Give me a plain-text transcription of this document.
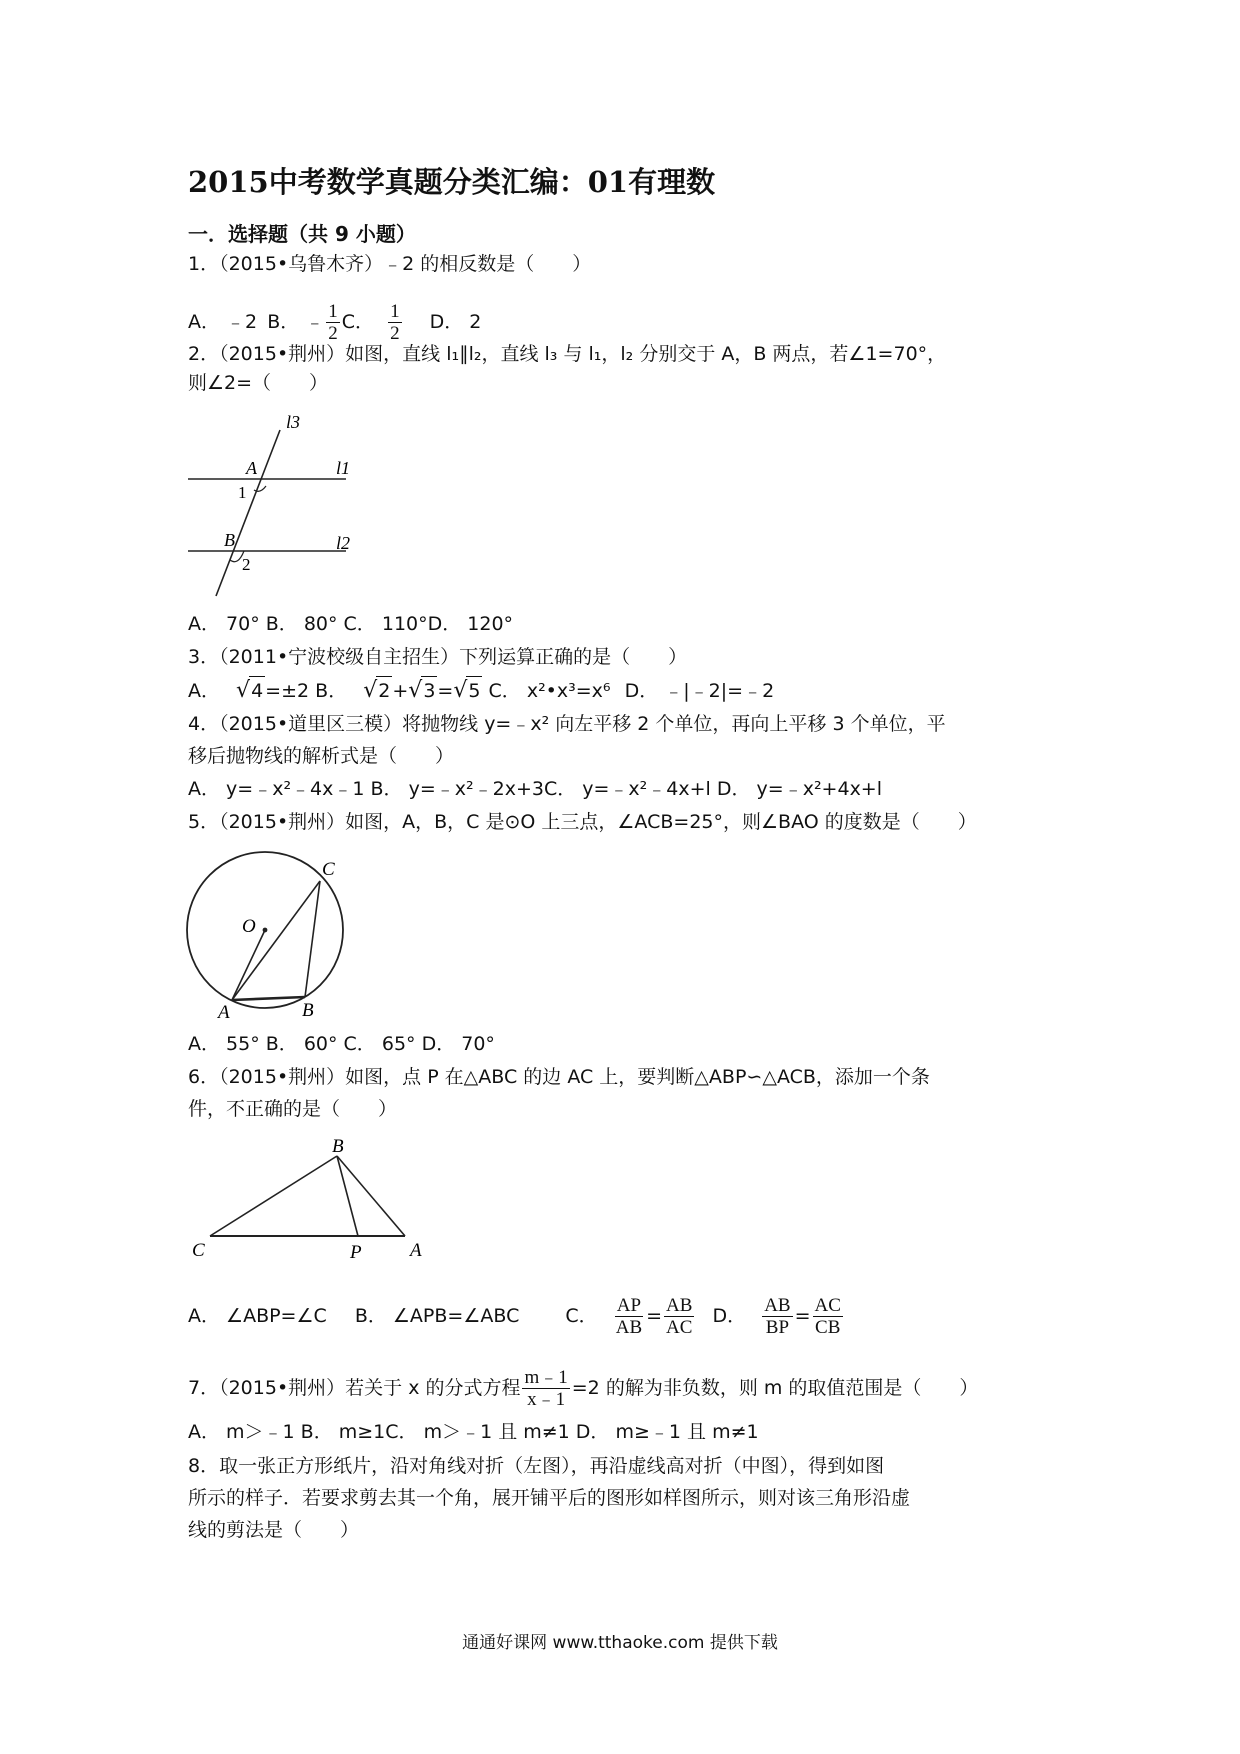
2015中考数学真题分类汇编：01有理数
一．选择题（共 9 小题）
1．（2015•乌鲁木齐）﹣2 的相反数是（　　）
A． ﹣2 B． ﹣ $\frac{1}{2}$ C． $\frac{1}{2}$ D． 2
2．（2015•荆州）如图，直线 l₁∥l₂，直线 l₃ 与 l₁，l₂ 分别交于 A，B 两点，若∠1=70°，
则∠2=（　　）
l3
l1
l2
A
1
B
2
A． 70° B． 80° C． 110°D． 120°
3．（2011•宁波校级自主招生）下列运算正确的是（　　）
A． √4 =±2 B． √2 +√3 =√5 C． x²•x³=x⁶ D． ﹣|﹣2|=﹣2
4．（2015•道里区三模）将抛物线 y=﹣x² 向左平移 2 个单位，再向上平移 3 个单位，平
移后抛物线的解析式是（　　）
A． y=﹣x²﹣4x﹣1 B． y=﹣x²﹣2x+3C． y=﹣x²﹣4x+l D． y=﹣x²+4x+l
5．（2015•荆州）如图，A，B，C 是⊙O 上三点，∠ACB=25°，则∠BAO 的度数是（　　）
O
A	B
C
A． 55° B． 60° C． 65° D． 70°
6．（2015•荆州）如图，点 P 在△ABC 的边 AC 上，要判断△ABP∽△ACB，添加一个条
件，不正确的是（　　）
B
C	P	A
A． ∠ABP=∠C B． ∠APB=∠ABC C． $\frac{AP}{AB} = \frac{AB}{AC}$ D． $\frac{AB}{BP} = \frac{AC}{CB}$
7．（2015•荆州）若关于 x 的分式方程 $\frac{m﹣1}{x﹣1} =2$ 的解为非负数，则 m 的取值范围是（　　）
A． m＞﹣1 B． m≥1C． m＞﹣1 且 m≠1 D． m≥﹣1 且 m≠1
8．取一张正方形纸片，沿对角线对折（左图），再沿虚线高对折（中图），得到如图
所示的样子．若要求剪去其一个角，展开铺平后的图形如样图所示，则对该三角形沿虚
线的剪法是（　　）
通通好课网 www.tthaoke.com 提供下载
